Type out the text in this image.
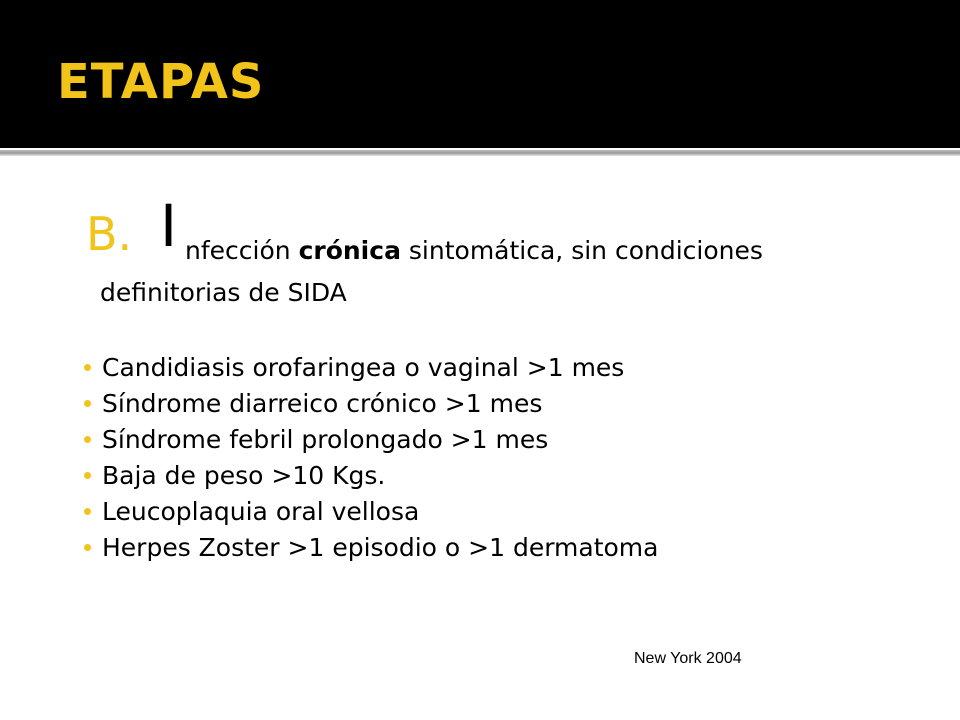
ETAPAS
B. I nfección crónica sintomática, sin condiciones
definitorias de SIDA
Candidiasis orofaringea o vaginal >1 mes
Síndrome diarreico crónico >1 mes
Síndrome febril prolongado >1 mes
Baja de peso >10 Kgs.
Leucoplaquia oral vellosa
Herpes Zoster >1 episodio o >1 dermatoma
New York 2004
